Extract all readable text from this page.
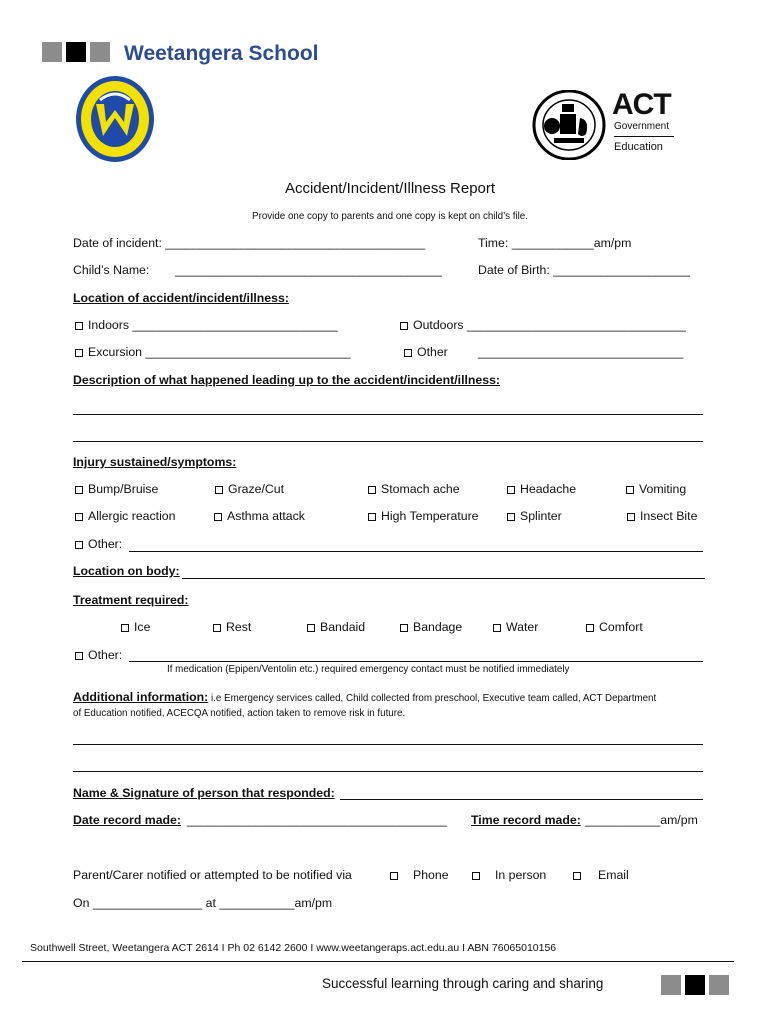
Weetangera School
ACT
Government
Education
Accident/Incident/Illness Report
Provide one copy to parents and one copy is kept on child’s file.
Date of incident: ______________________________________	Time: ____________am/pm
Child’s Name: _______________________________________	Date of Birth: ____________________
Location of accident/incident/illness:
Indoors ______________________________	Outdoors ________________________________
Excursion ______________________________	Other ______________________________
Description of what happened leading up to the accident/incident/illness:
Injury sustained/symptoms:
Bump/Bruise	Graze/Cut	Stomach ache	Headache	Vomiting
Allergic reaction	Asthma attack	High Temperature	Splinter	Insect Bite
Other:
Location on body:
Treatment required:
Ice	Rest	Bandaid	Bandage	Water	Comfort
Other:
If medication (Epipen/Ventolin etc.) required emergency contact must be notified immediately
Additional information: i.e Emergency services called, Child collected from preschool, Executive team called, ACT Department
of Education notified, ACECQA notified, action taken to remove risk in future.
Name & Signature of person that responded:
Date record made: ______________________________________ Time record made: ___________am/pm
Parent/Carer notified or attempted to be notified via	Phone	In person	Email
On ________________ at ___________am/pm
Southwell Street, Weetangera ACT 2614 I Ph 02 6142 2600 I www.weetangeraps.act.edu.au I ABN 76065010156
Successful learning through caring and sharing
